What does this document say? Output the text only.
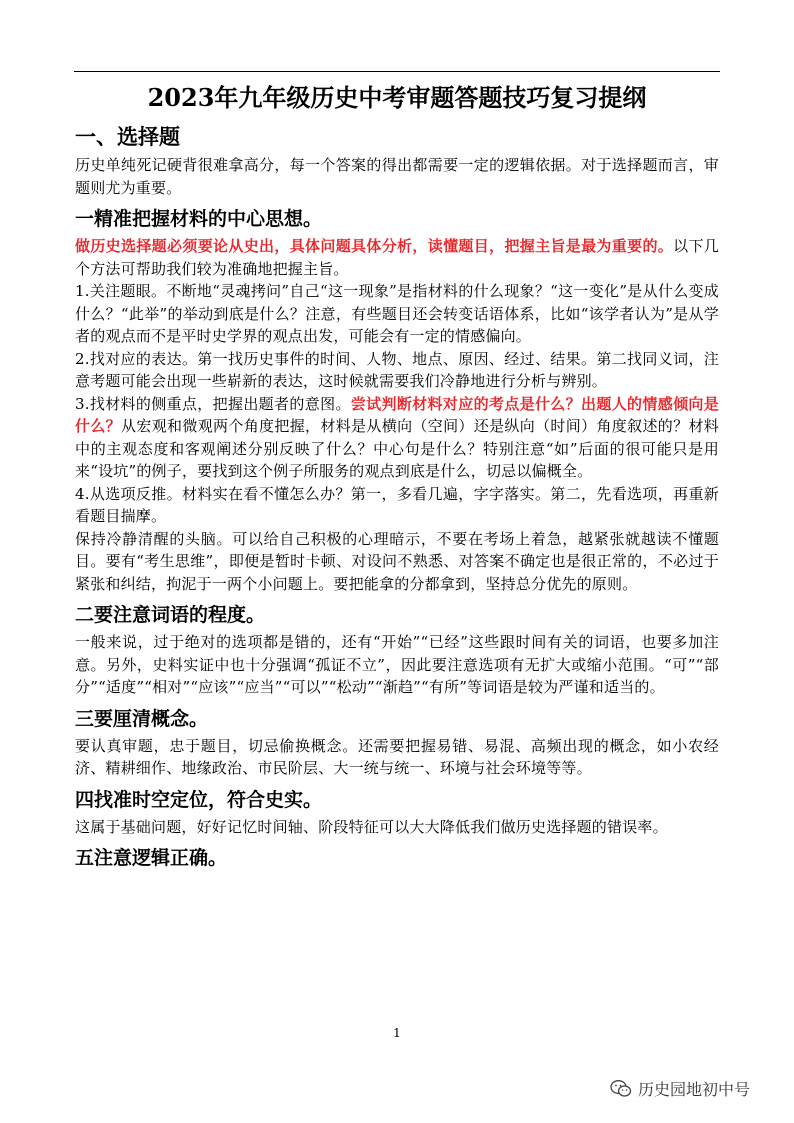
2023年九年级历史中考审题答题技巧复习提纲
一、选择题

历史单纯死记硬背很难拿高分，每一个答案的得出都需要一定的逻辑依据。对于选择题而言，审题则尤为重要。

一精准把握材料的中心思想。

做历史选择题必须要论从史出，具体问题具体分析，读懂题目，把握主旨是最为重要的。以下几个方法可帮助我们较为准确地把握主旨。

1.关注题眼。不断地“灵魂拷问”自己“这一现象”是指材料的什么现象？“这一变化”是从什么变成什么？“此举”的举动到底是什么？注意，有些题目还会转变话语体系，比如“该学者认为”是从学者的观点而不是平时史学界的观点出发，可能会有一定的情感偏向。

2.找对应的表达。第一找历史事件的时间、人物、地点、原因、经过、结果。第二找同义词，注意考题可能会出现一些崭新的表达，这时候就需要我们冷静地进行分析与辨别。

3.找材料的侧重点，把握出题者的意图。尝试判断材料对应的考点是什么？出题人的情感倾向是什么？从宏观和微观两个角度把握，材料是从横向（空间）还是纵向（时间）角度叙述的？材料中的主观态度和客观阐述分别反映了什么？中心句是什么？特别注意“如”后面的很可能只是用来“设坑”的例子，要找到这个例子所服务的观点到底是什么，切忌以偏概全。

4.从选项反推。材料实在看不懂怎么办？第一，多看几遍，字字落实。第二，先看选项，再重新看题目揣摩。

保持冷静清醒的头脑。可以给自己积极的心理暗示，不要在考场上着急，越紧张就越读不懂题目。要有“考生思维”，即便是暂时卡顿、对设问不熟悉、对答案不确定也是很正常的，不必过于紧张和纠结，拘泥于一两个小问题上。要把能拿的分都拿到，坚持总分优先的原则。

二要注意词语的程度。

一般来说，过于绝对的选项都是错的，还有“开始”“已经”这些跟时间有关的词语，也要多加注意。另外，史料实证中也十分强调“孤证不立”，因此要注意选项有无扩大或缩小范围。“可”“部分”“适度”“相对”“应该”“应当”“可以”“松动”“渐趋”“有所”等词语是较为严谨和适当的。

三要厘清概念。

要认真审题，忠于题目，切忌偷换概念。还需要把握易错、易混、高频出现的概念，如小农经济、精耕细作、地缘政治、市民阶层、大一统与统一、环境与社会环境等等。

四找准时空定位，符合史实。

这属于基础问题，好好记忆时间轴、阶段特征可以大大降低我们做历史选择题的错误率。

五注意逻辑正确。
1
历史园地初中号
